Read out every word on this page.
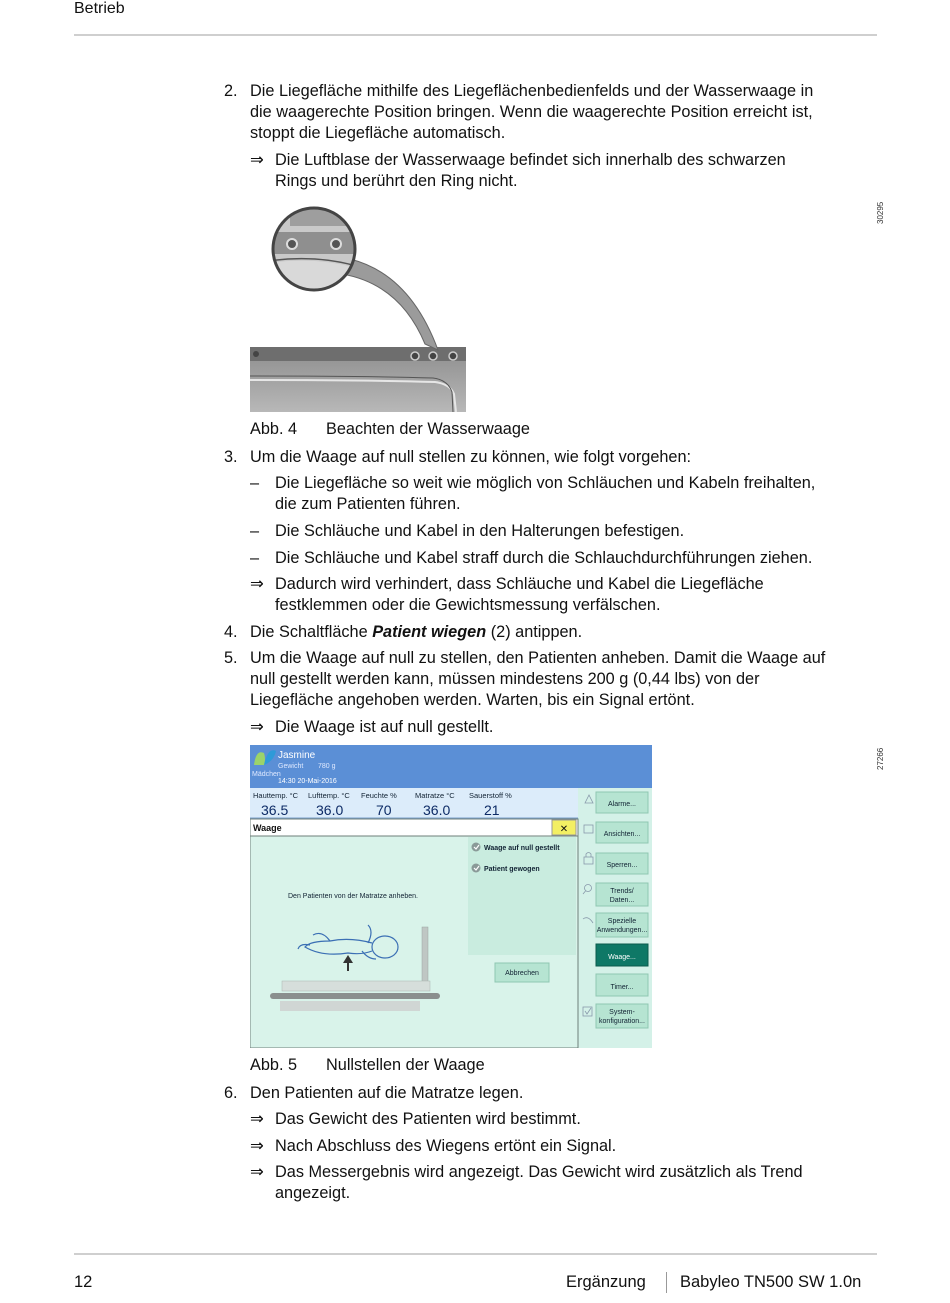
Betrieb
2. Die Liegefläche mithilfe des Liegeflächenbedienfelds und der Wasserwaage in
die waagerechte Position bringen. Wenn die waagerechte Position erreicht ist,
stoppt die Liegefläche automatisch.
⇒ Die Luftblase der Wasserwaage befindet sich innerhalb des schwarzen
Rings und berührt den Ring nicht.
30295
Abb. 4 Beachten der Wasserwaage
3. Um die Waage auf null stellen zu können, wie folgt vorgehen:
– Die Liegefläche so weit wie möglich von Schläuchen und Kabeln freihalten,
die zum Patienten führen.
– Die Schläuche und Kabel in den Halterungen befestigen.
– Die Schläuche und Kabel straff durch die Schlauchdurchführungen ziehen.
⇒ Dadurch wird verhindert, dass Schläuche und Kabel die Liegefläche
festklemmen oder die Gewichtsmessung verfälschen.
4. Die Schaltfläche Patient wiegen (2) antippen.
5. Um die Waage auf null zu stellen, den Patienten anheben. Damit die Waage auf
null gestellt werden kann, müssen mindestens 200 g (0,44 lbs) von der
Liegefläche angehoben werden. Warten, bis ein Signal ertönt.
⇒ Die Waage ist auf null gestellt.
Jasmine
Gewicht 780 g
Mädchen
14:30 20-Mai-2016
Hauttemp. °C
36.5
Lufttemp. °C
36.0
Feuchte %
70
Matratze °C
36.0
Sauerstoff %
21	Alarme...
Ansichten...
Sperren...
Trends/
Daten...
Spezielle
Anwendungen...
Waage...
Timer...
System-
konfiguration...
Waage	✕
Waage auf null gestellt
Patient gewogen
Den Patienten von der Matratze anheben.
Abbrechen
27266
Abb. 5 Nullstellen der Waage
6. Den Patienten auf die Matratze legen.
⇒ Das Gewicht des Patienten wird bestimmt.
⇒ Nach Abschluss des Wiegens ertönt ein Signal.
⇒ Das Messergebnis wird angezeigt. Das Gewicht wird zusätzlich als Trend
angezeigt.
12	Ergänzung Babyleo TN500 SW 1.0n
